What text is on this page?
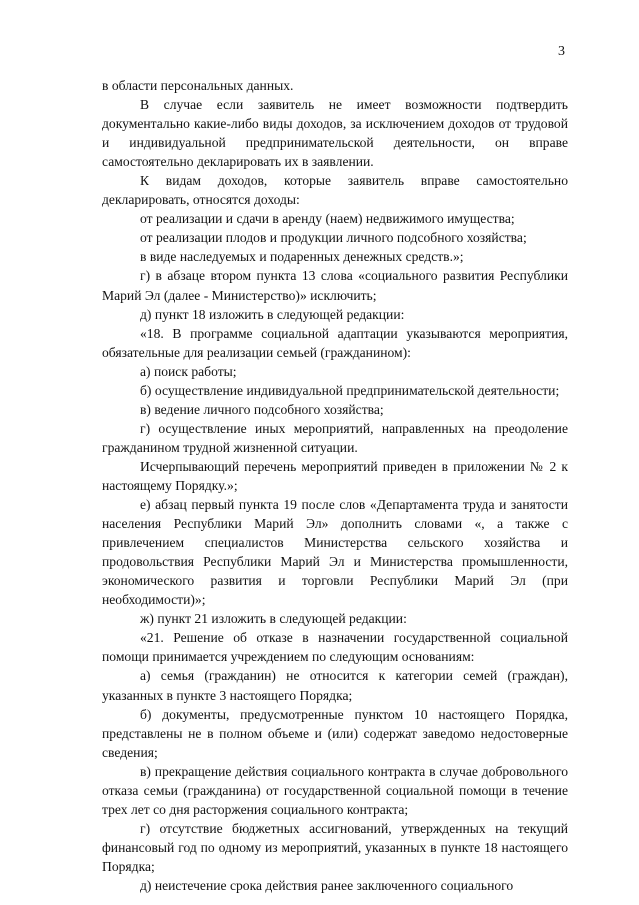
3

в области персональных данных.

В случае если заявитель не имеет возможности подтвердить документально какие-либо виды доходов, за исключением доходов от трудовой и индивидуальной предпринимательской деятельности, он вправе самостоятельно декларировать их в заявлении.

К видам доходов, которые заявитель вправе самостоятельно декларировать, относятся доходы:

от реализации и сдачи в аренду (наем) недвижимого имущества;

от реализации плодов и продукции личного подсобного хозяйства;

в виде наследуемых и подаренных денежных средств.»;

г) в абзаце втором пункта 13 слова «социального развития Республики Марий Эл (далее - Министерство)» исключить;

д) пункт 18 изложить в следующей редакции:

«18. В программе социальной адаптации указываются мероприятия, обязательные для реализации семьей (гражданином):

а) поиск работы;

б) осуществление индивидуальной предпринимательской деятельности;

в) ведение личного подсобного хозяйства;

г) осуществление иных мероприятий, направленных на преодоление гражданином трудной жизненной ситуации.

Исчерпывающий перечень мероприятий приведен в приложении № 2 к настоящему Порядку.»;

е) абзац первый пункта 19 после слов «Департамента труда и занятости населения Республики Марий Эл» дополнить словами «, а также с привлечением специалистов Министерства сельского хозяйства и продовольствия Республики Марий Эл и Министерства промышленности, экономического развития и торговли Республики Марий Эл (при необходимости)»;

ж) пункт 21 изложить в следующей редакции:

«21. Решение об отказе в назначении государственной социальной помощи принимается учреждением по следующим основаниям:

а) семья (гражданин) не относится к категории семей (граждан), указанных в пункте 3 настоящего Порядка;

б) документы, предусмотренные пунктом 10 настоящего Порядка, представлены не в полном объеме и (или) содержат заведомо недостоверные сведения;

в) прекращение действия социального контракта в случае добровольного отказа семьи (гражданина) от государственной социальной помощи в течение трех лет со дня расторжения социального контракта;

г) отсутствие бюджетных ассигнований, утвержденных на текущий финансовый год по одному из мероприятий, указанных в пункте 18 настоящего Порядка;

д) неистечение срока действия ранее заключенного социального
